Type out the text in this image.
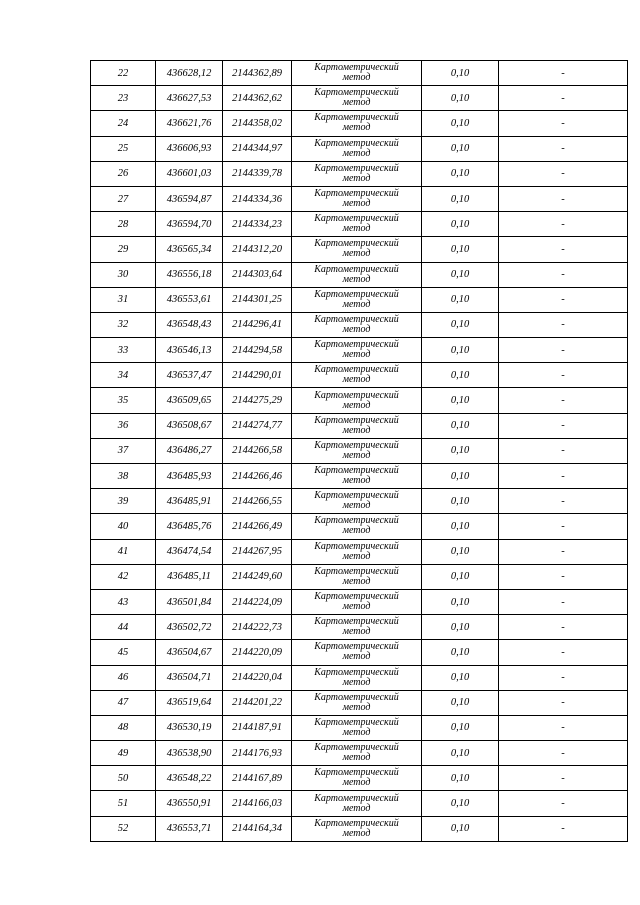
22	436628,12	2144362,89	Картометрический
метод	0,10	-
23	436627,53	2144362,62	Картометрический
метод	0,10	-
24	436621,76	2144358,02	Картометрический
метод	0,10	-
25	436606,93	2144344,97	Картометрический
метод	0,10	-
26	436601,03	2144339,78	Картометрический
метод	0,10	-
27	436594,87	2144334,36	Картометрический
метод	0,10	-
28	436594,70	2144334,23	Картометрический
метод	0,10	-
29	436565,34	2144312,20	Картометрический
метод	0,10	-
30	436556,18	2144303,64	Картометрический
метод	0,10	-
31	436553,61	2144301,25	Картометрический
метод	0,10	-
32	436548,43	2144296,41	Картометрический
метод	0,10	-
33	436546,13	2144294,58	Картометрический
метод	0,10	-
34	436537,47	2144290,01	Картометрический
метод	0,10	-
35	436509,65	2144275,29	Картометрический
метод	0,10	-
36	436508,67	2144274,77	Картометрический
метод	0,10	-
37	436486,27	2144266,58	Картометрический
метод	0,10	-
38	436485,93	2144266,46	Картометрический
метод	0,10	-
39	436485,91	2144266,55	Картометрический
метод	0,10	-
40	436485,76	2144266,49	Картометрический
метод	0,10	-
41	436474,54	2144267,95	Картометрический
метод	0,10	-
42	436485,11	2144249,60	Картометрический
метод	0,10	-
43	436501,84	2144224,09	Картометрический
метод	0,10	-
44	436502,72	2144222,73	Картометрический
метод	0,10	-
45	436504,67	2144220,09	Картометрический
метод	0,10	-
46	436504,71	2144220,04	Картометрический
метод	0,10	-
47	436519,64	2144201,22	Картометрический
метод	0,10	-
48	436530,19	2144187,91	Картометрический
метод	0,10	-
49	436538,90	2144176,93	Картометрический
метод	0,10	-
50	436548,22	2144167,89	Картометрический
метод	0,10	-
51	436550,91	2144166,03	Картометрический
метод	0,10	-
52	436553,71	2144164,34	Картометрический
метод	0,10	-
